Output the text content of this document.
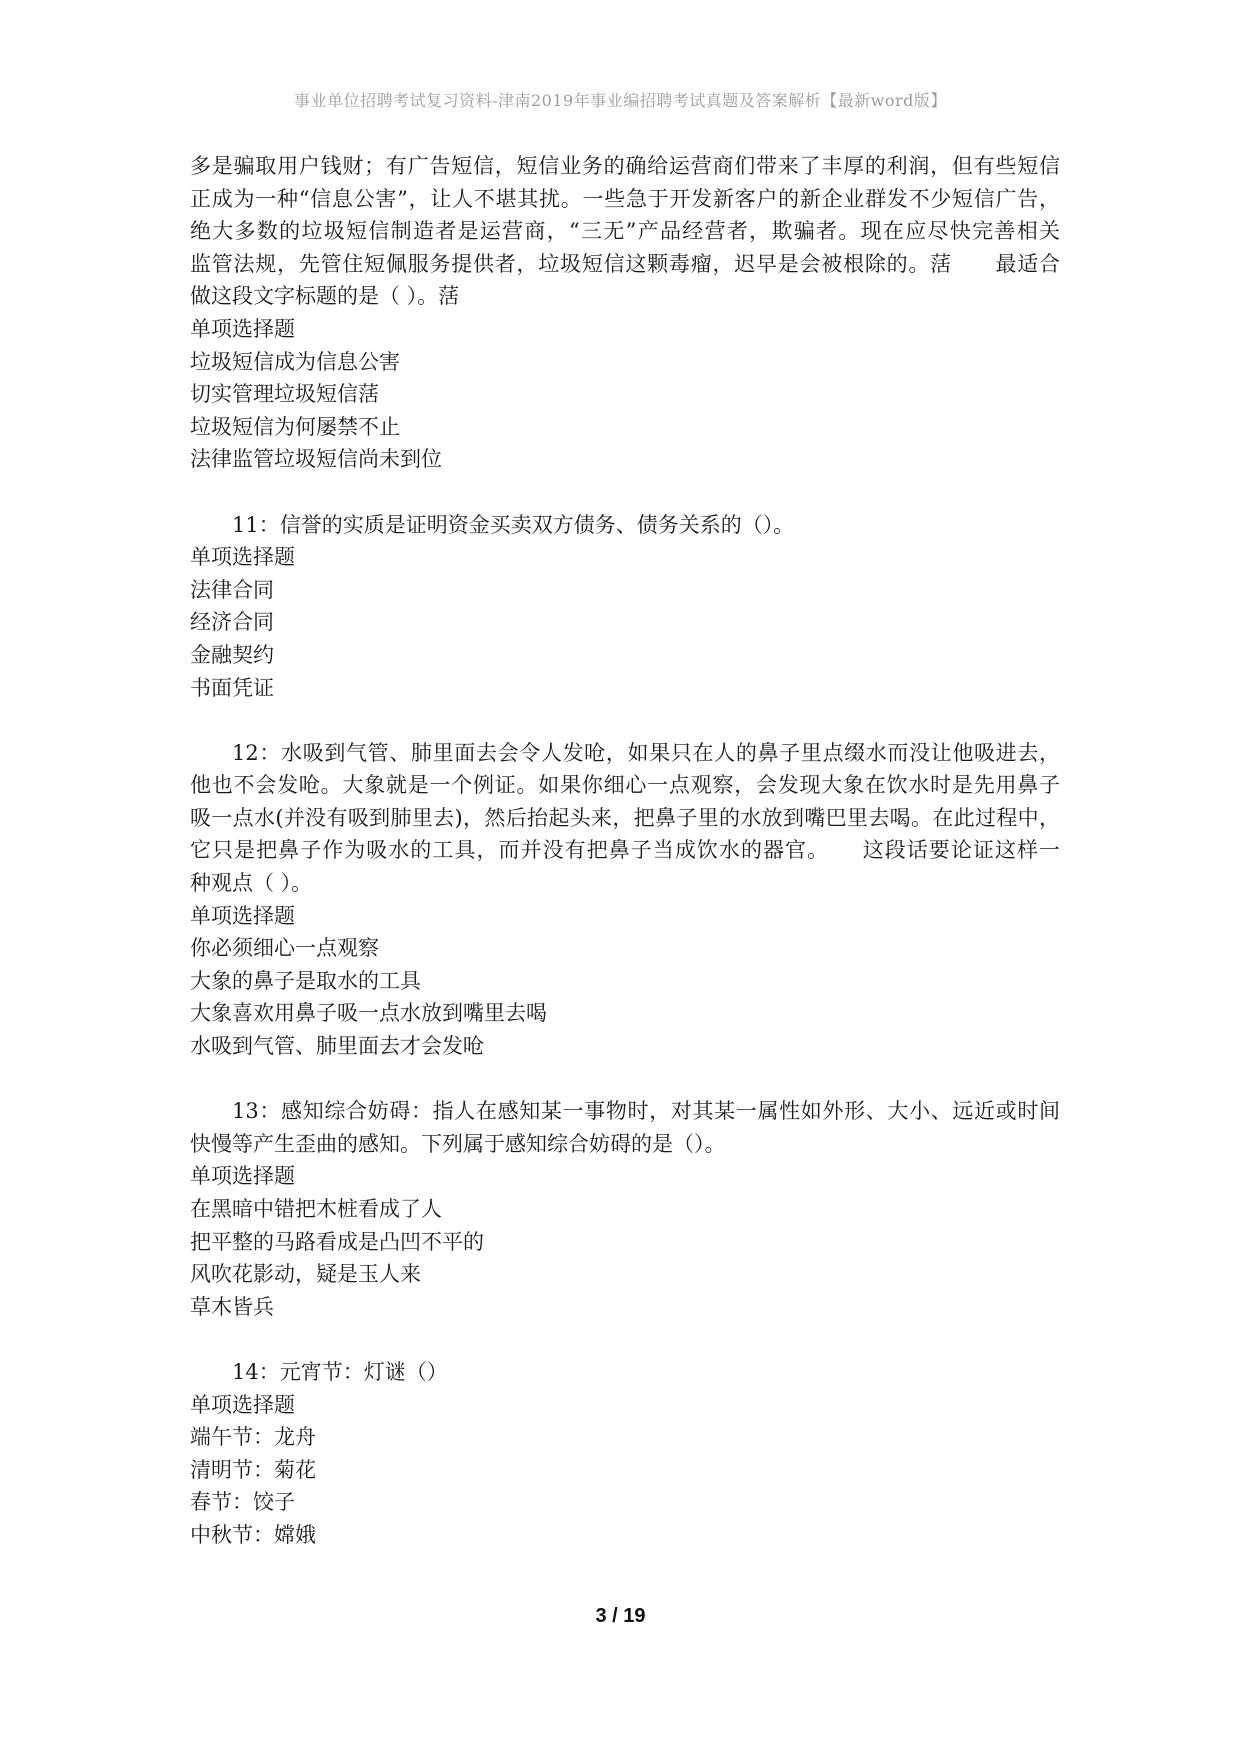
事业单位招聘考试复习资料-津南2019年事业编招聘考试真题及答案解析【最新word版】
多是骗取用户钱财；有广告短信，短信业务的确给运营商们带来了丰厚的利润，但有些短信
正成为一种“信息公害”，让人不堪其扰。一些急于开发新客户的新企业群发不少短信广告，
绝大多数的垃圾短信制造者是运营商，“三无”产品经营者，欺骗者。现在应尽快完善相关
监管法规，先管住短佩服务提供者，垃圾短信这颗毒瘤，迟早是会被根除的。萿　　最适合
做这段文字标题的是（ ）。萿
单项选择题
垃圾短信成为信息公害
切实管理垃圾短信萿
垃圾短信为何屡禁不止
法律监管垃圾短信尚未到位
11：信誉的实质是证明资金买卖双方债务、债务关系的（）。
单项选择题
法律合同
经济合同
金融契约
书面凭证
12：水吸到气管、肺里面去会令人发呛，如果只在人的鼻子里点缀水而没让他吸进去，
他也不会发呛。大象就是一个例证。如果你细心一点观察，会发现大象在饮水时是先用鼻子
吸一点水(并没有吸到肺里去)，然后抬起头来，把鼻子里的水放到嘴巴里去喝。在此过程中，
它只是把鼻子作为吸水的工具，而并没有把鼻子当成饮水的器官。　　这段话要论证这样一
种观点（ ）。
单项选择题
你必须细心一点观察
大象的鼻子是取水的工具
大象喜欢用鼻子吸一点水放到嘴里去喝
水吸到气管、肺里面去才会发呛
13：感知综合妨碍：指人在感知某一事物时，对其某一属性如外形、大小、远近或时间
快慢等产生歪曲的感知。下列属于感知综合妨碍的是（）。
单项选择题
在黑暗中错把木桩看成了人
把平整的马路看成是凸凹不平的
风吹花影动，疑是玉人来
草木皆兵
14：元宵节：灯谜（）
单项选择题
端午节：龙舟
清明节：菊花
春节：饺子
中秋节：嫦娥
3 / 19
